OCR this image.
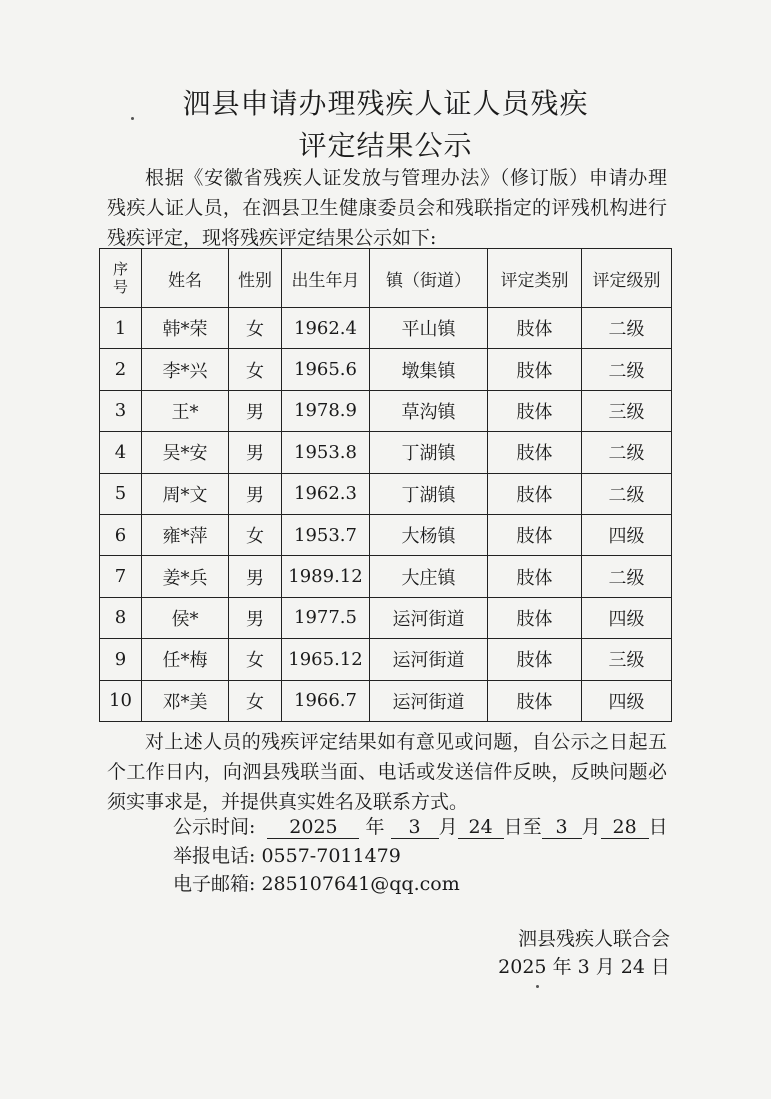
泗县申请办理残疾人证人员残疾
评定结果公示
根据《安徽省残疾人证发放与管理办法》（修订版）申请办理残疾人证人员，在泗县卫生健康委员会和残联指定的评残机构进行残疾评定，现将残疾评定结果公示如下:
序
号	姓名	性别	出生年月	镇（街道）	评定类别	评定级别
1	韩*荣	女	1962.4	平山镇	肢体	二级
2	李*兴	女	1965.6	墩集镇	肢体	二级
3	王*	男	1978.9	草沟镇	肢体	三级
4	吴*安	男	1953.8	丁湖镇	肢体	二级
5	周*文	男	1962.3	丁湖镇	肢体	二级
6	雍*萍	女	1953.7	大杨镇	肢体	四级
7	姜*兵	男	1989.12	大庄镇	肢体	二级
8	侯*	男	1977.5	运河街道	肢体	四级
9	任*梅	女	1965.12	运河街道	肢体	三级
10	邓*美	女	1966.7	运河街道	肢体	四级
对上述人员的残疾评定结果如有意见或问题，自公示之日起五个工作日内，向泗县残联当面、电话或发送信件反映，反映问题必须实事求是，并提供真实姓名及联系方式。
公示时间: 2025 年 3 月 24 日至 3 月 28 日
举报电话: 0557-7011479
电子邮箱: 285107641@qq.com
泗县残疾人联合会
2025 年 3 月 24 日
